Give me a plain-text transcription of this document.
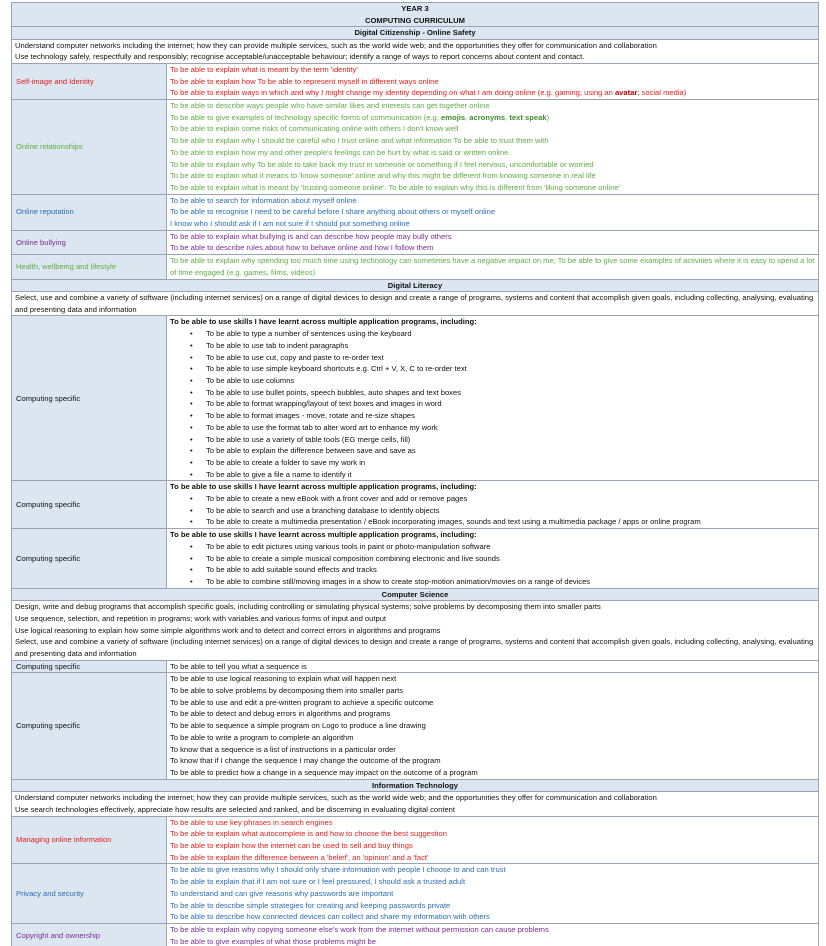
YEAR 3
COMPUTING CURRICULUM
Digital Citizenship - Online Safety
Understand computer networks including the internet; how they can provide multiple services, such as the world wide web; and the opportunities they offer for communication and collaboration
Use technology safely, respectfully and responsibly; recognise acceptable/unacceptable behaviour; identify a range of ways to report concerns about content and contact.
Self-image and Identity
To be able to explain what is meant by the term 'identity'
To be able to explain how To be able to represent myself in different ways online
To be able to explain ways in which and why I might change my identity depending on what I am doing online (e.g. gaming; using an avatar; social media)
Online relationships
To be able to describe ways people who have similar likes and interests can get together online
To be able to give examples of technology specific forms of communication (e.g. emojis, acronyms, text speak)
To be able to explain some risks of communicating online with others I don't know well
To be able to explain why I should be careful who I trust online and what information To be able to trust them with
To be able to explain how my and other people's feelings can be hurt by what is said or written online.
To be able to explain why To be able to take back my trust in someone or something if I feel nervous, uncomfortable or worried
To be able to explain what it means to 'know someone' online and why this might be different from knowing someone in real life
To be able to explain what is meant by 'trusting someone online'. To be able to explain why this is different from 'liking someone online'
Online reputation
To be able to search for information about myself online
To be able to recognise I need to be careful before I share anything about others or myself online
I know who I should ask if I am not sure if I should put something online
Online bullying
To be able to explain what bullying is and can describe how people may bully others
To be able to describe rules about how to behave online and how I follow them
Health, wellbeing and lifestyle
To be able to explain why spending too much time using technology can sometimes have a negative impact on me; To be able to give some examples of activities where it is easy to spend a lot of time engaged (e.g. games, films, videos)
Digital Literacy
Select, use and combine a variety of software (including internet services) on a range of digital devices to design and create a range of programs, systems and content that accomplish given goals, including collecting, analysing, evaluating and presenting data and information
Computing specific
To be able to use skills I have learnt across multiple application programs, including:
• To be able to type a number of sentences using the keyboard
• To be able to use tab to indent paragraphs
• To be able to use cut, copy and paste to re-order text
• To be able to use simple keyboard shortcuts e.g. Ctrl + V, X, C to re-order text
• To be able to use columns
• To be able to use bullet points, speech bubbles, auto shapes and text boxes
• To be able to format wrapping/layout of text boxes and images in word
• To be able to format images - move, rotate and re-size shapes
• To be able to use the format tab to alter word art to enhance my work
• To be able to use a variety of table tools (EG merge cells, fill)
• To be able to explain the difference between save and save as
• To be able to create a folder to save my work in
• To be able to give a file a name to identify it
Computing specific
To be able to use skills I have learnt across multiple application programs, including:
• To be able to create a new eBook with a front cover and add or remove pages
• To be able to search and use a branching database to identify objects
• To be able to create a multimedia presentation / eBook incorporating images, sounds and text using a multimedia package / apps or online program
Computing specific
To be able to use skills I have learnt across multiple application programs, including:
• To be able to edit pictures using various tools in paint or photo-manipulation software
• To be able to create a simple musical composition combining electronic and live sounds
• To be able to add suitable sound effects and tracks
• To be able to combine still/moving images in a show to create stop-motion animation/movies on a range of devices
Computer Science
Design, write and debug programs that accomplish specific goals, including controlling or simulating physical systems; solve problems by decomposing them into smaller parts
Use sequence, selection, and repetition in programs; work with variables and various forms of input and output
Use logical reasoning to explain how some simple algorithms work and to detect and correct errors in algorithms and programs
Select, use and combine a variety of software (including internet services) on a range of digital devices to design and create a range of programs, systems and content that accomplish given goals, including collecting, analysing, evaluating and presenting data and information
Computing specific	To be able to tell you what a sequence is
Computing specific
To be able to use logical reasoning to explain what will happen next
To be able to solve problems by decomposing them into smaller parts
To be able to use and edit a pre-written program to achieve a specific outcome
To be able to detect and debug errors in algorithms and programs
To be able to sequence a simple program on Logo to produce a line drawing
To be able to write a program to complete an algorithm
To know that a sequence is a list of instructions in a particular order
To know that if I change the sequence I may change the outcome of the program
To be able to predict how a change in a sequence may impact on the outcome of a program
Information Technology
Understand computer networks including the internet; how they can provide multiple services, such as the world wide web; and the opportunities they offer for communication and collaboration
Use search technologies effectively, appreciate how results are selected and ranked, and be discerning in evaluating digital content
Managing online information
To be able to use key phrases in search engines
To be able to explain what autocomplete is and how to choose the best suggestion
To be able to explain how the internet can be used to sell and buy things
To be able to explain the difference between a 'belief', an 'opinion' and a 'fact'
Privacy and security
To be able to give reasons why I should only share information with people I choose to and can trust
To be able to explain that if I am not sure or I feel pressured, I should ask a trusted adult
To understand and can give reasons why passwords are important
To be able to describe simple strategies for creating and keeping passwords private
To be able to describe how connected devices can collect and share my information with others
Copyright and ownership
To be able to explain why copying someone else's work from the internet without permission can cause problems
To be able to give examples of what those problems might be
